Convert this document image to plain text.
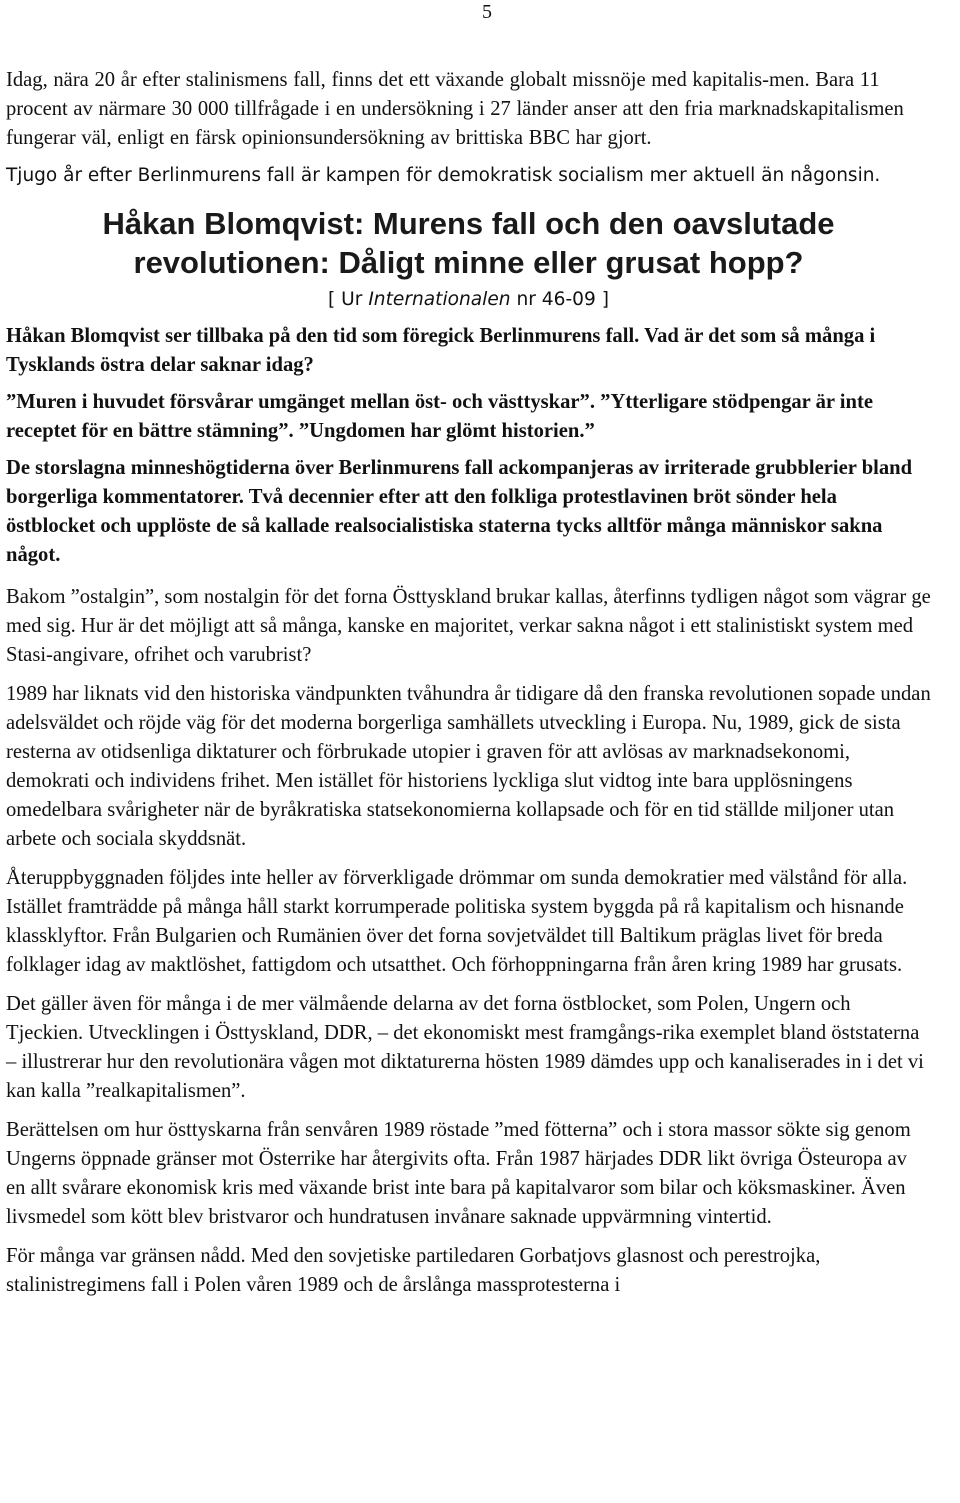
5

Idag, nära 20 år efter stalinismens fall, finns det ett växande globalt missnöje med kapitalis-men. Bara 11 procent av närmare 30 000 tillfrågade i en undersökning i 27 länder anser att den fria marknadskapitalismen fungerar väl, enligt en färsk opinionsundersökning av brittiska BBC har gjort.

Tjugo år efter Berlinmurens fall är kampen för demokratisk socialism mer aktuell än någonsin.

Håkan Blomqvist: Murens fall och den oavslutade
revolutionen: Dåligt minne eller grusat hopp?
[ Ur Internationalen nr 46-09 ]

Håkan Blomqvist ser tillbaka på den tid som föregick Berlinmurens fall. Vad är det som så många i Tysklands östra delar saknar idag?

”Muren i huvudet försvårar umgänget mellan öst- och västtyskar”. ”Ytterligare stödpengar är inte receptet för en bättre stämning”. ”Ungdomen har glömt historien.”

De storslagna minneshögtiderna över Berlinmurens fall ackompanjeras av irriterade grubblerier bland borgerliga kommentatorer. Två decennier efter att den folkliga protestlavinen bröt sönder hela östblocket och upplöste de så kallade realsocialistiska staterna tycks alltför många människor sakna något.

Bakom ”ostalgin”, som nostalgin för det forna Östtyskland brukar kallas, återfinns tydligen något som vägrar ge med sig. Hur är det möjligt att så många, kanske en majoritet, verkar sakna något i ett stalinistiskt system med Stasi-angivare, ofrihet och varubrist?

1989 har liknats vid den historiska vändpunkten tvåhundra år tidigare då den franska revolutionen sopade undan adelsväldet och röjde väg för det moderna borgerliga samhällets utveckling i Europa. Nu, 1989, gick de sista resterna av otidsenliga diktaturer och förbrukade utopier i graven för att avlösas av marknadsekonomi, demokrati och individens frihet. Men istället för historiens lyckliga slut vidtog inte bara upplösningens omedelbara svårigheter när de byråkratiska statsekonomierna kollapsade och för en tid ställde miljoner utan arbete och sociala skyddsnät.

Återuppbyggnaden följdes inte heller av förverkligade drömmar om sunda demokratier med välstånd för alla. Istället framträdde på många håll starkt korrumperade politiska system byggda på rå kapitalism och hisnande klassklyftor. Från Bulgarien och Rumänien över det forna sovjetväldet till Baltikum präglas livet för breda folklager idag av maktlöshet, fattigdom och utsatthet. Och förhoppningarna från åren kring 1989 har grusats.

Det gäller även för många i de mer välmående delarna av det forna östblocket, som Polen, Ungern och Tjeckien. Utvecklingen i Östtyskland, DDR, – det ekonomiskt mest framgångs-rika exemplet bland öststaterna – illustrerar hur den revolutionära vågen mot diktaturerna hösten 1989 dämdes upp och kanaliserades in i det vi kan kalla ”realkapitalismen”.

Berättelsen om hur östtyskarna från senvåren 1989 röstade ”med fötterna” och i stora massor sökte sig genom Ungerns öppnade gränser mot Österrike har återgivits ofta. Från 1987 härjades DDR likt övriga Östeuropa av en allt svårare ekonomisk kris med växande brist inte bara på kapitalvaror som bilar och köksmaskiner. Även livsmedel som kött blev bristvaror och hundratusen invånare saknade uppvärmning vintertid.

För många var gränsen nådd. Med den sovjetiske partiledaren Gorbatjovs glasnost och perestrojka, stalinistregimens fall i Polen våren 1989 och de årslånga massprotesterna i
